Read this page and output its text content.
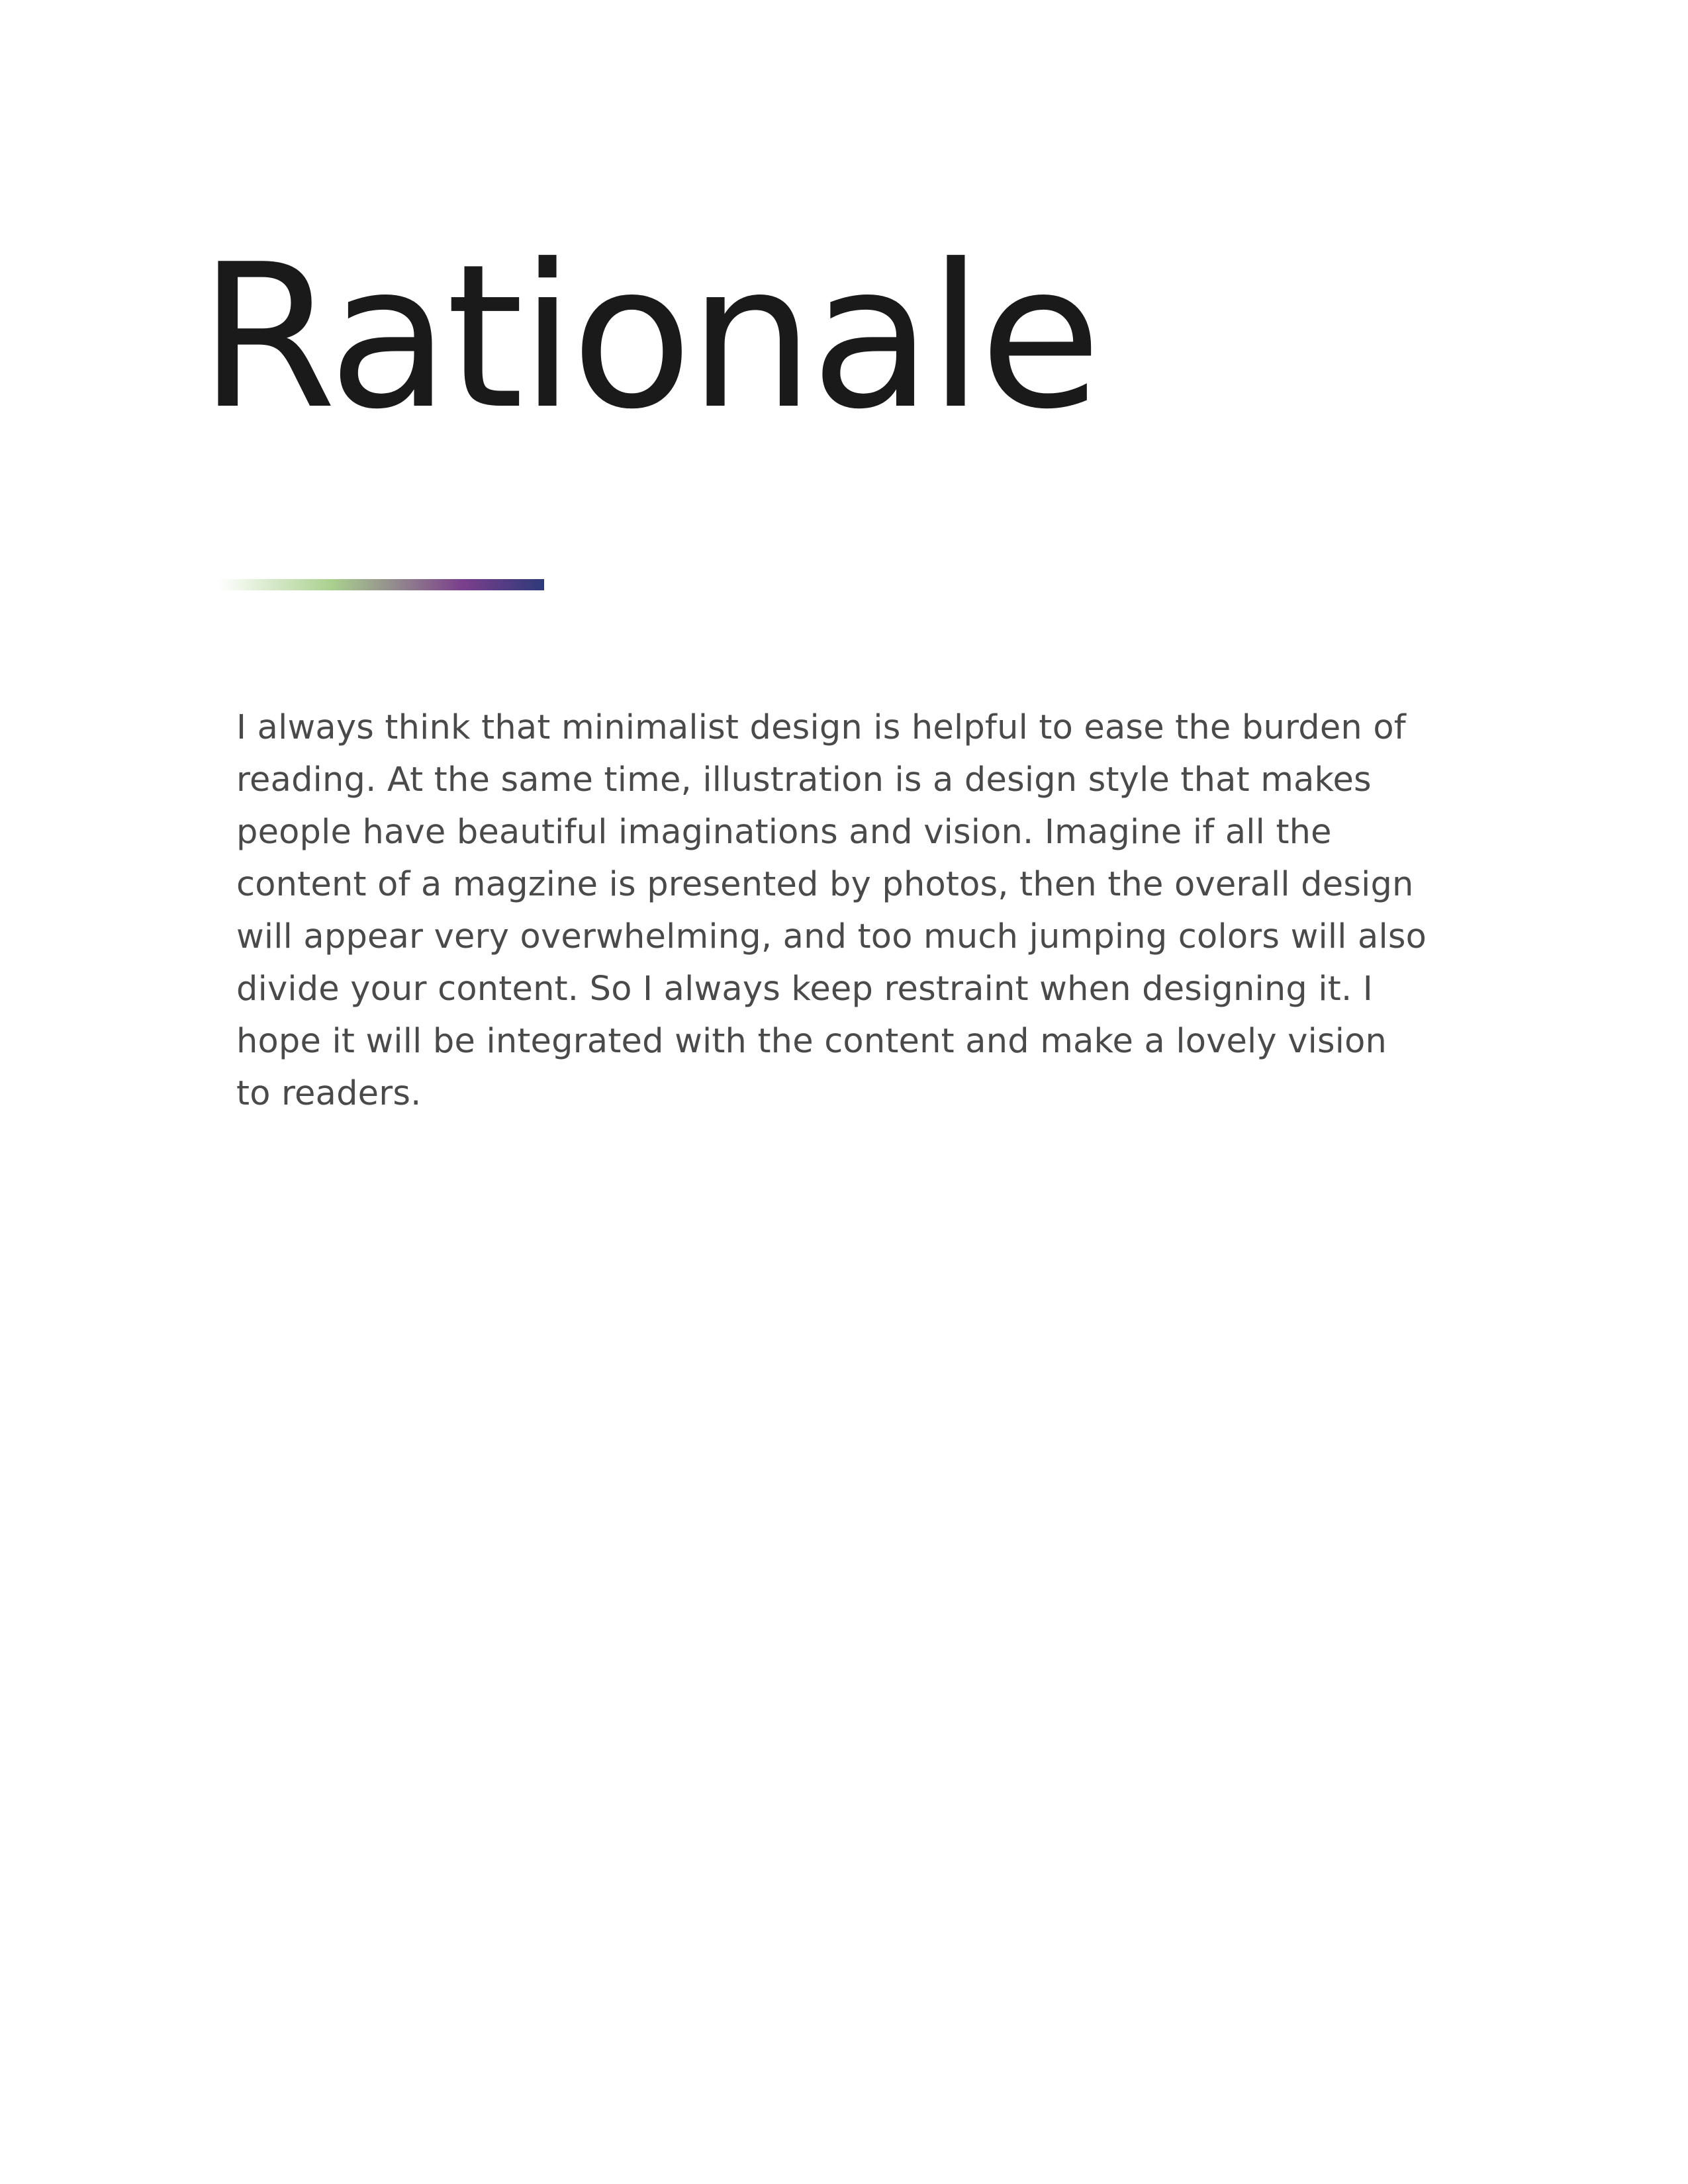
Rationale

I always think that minimalist design is helpful to ease the burden of reading. At the same time, illustration is a design style that makes people have beautiful imaginations and vision. Imagine if all the content of a magzine is presented by photos, then the overall design will appear very overwhelming, and too much jumping colors will also divide your content. So I always keep restraint when designing it. I hope it will be integrated with the content and make a lovely vision to readers.
